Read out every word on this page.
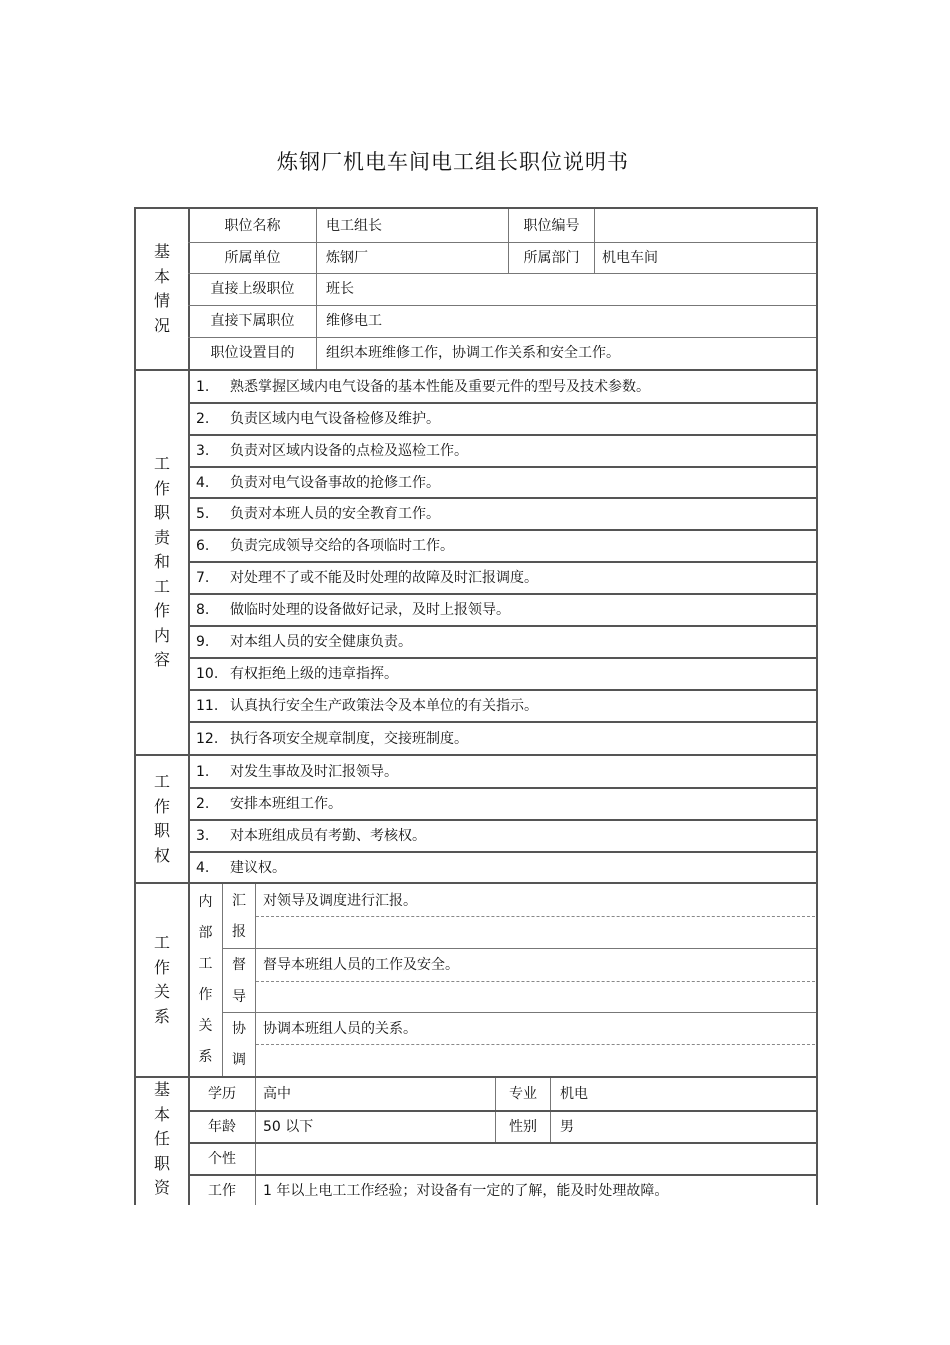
炼钢厂机电车间电工组长职位说明书
基
本
情
况
职位名称	电工组长	职位编号
所属单位	炼钢厂	所属部门	机电车间
直接上级职位	班长
直接下属职位	维修电工
职位设置目的	组织本班维修工作，协调工作关系和安全工作。
工
作
职
责
和
工
作
内
容
1.	熟悉掌握区域内电气设备的基本性能及重要元件的型号及技术参数。
2.	负责区域内电气设备检修及维护。
3.	负责对区域内设备的点检及巡检工作。
4.	负责对电气设备事故的抢修工作。
5.	负责对本班人员的安全教育工作。
6.	负责完成领导交给的各项临时工作。
7.	对处理不了或不能及时处理的故障及时汇报调度。
8.	做临时处理的设备做好记录，及时上报领导。
9.	对本组人员的安全健康负责。
10. 有权拒绝上级的违章指挥。
11. 认真执行安全生产政策法令及本单位的有关指示。
12. 执行各项安全规章制度，交接班制度。
工
作
职
权
1.	对发生事故及时汇报领导。
2.	安排本班组工作。
3.	对本班组成员有考勤、考核权。
4.	建议权。
工
作
关
系
内
部
工
作
关
系
汇
报
对领导及调度进行汇报。
督
导
督导本班组人员的工作及安全。
协
调
协调本班组人员的关系。
基
本
任
职
资
学历	高中	专业	机电
年龄	50 以下	性别	男
个性
工作	1 年以上电工工作经验；对设备有一定的了解，能及时处理故障。
